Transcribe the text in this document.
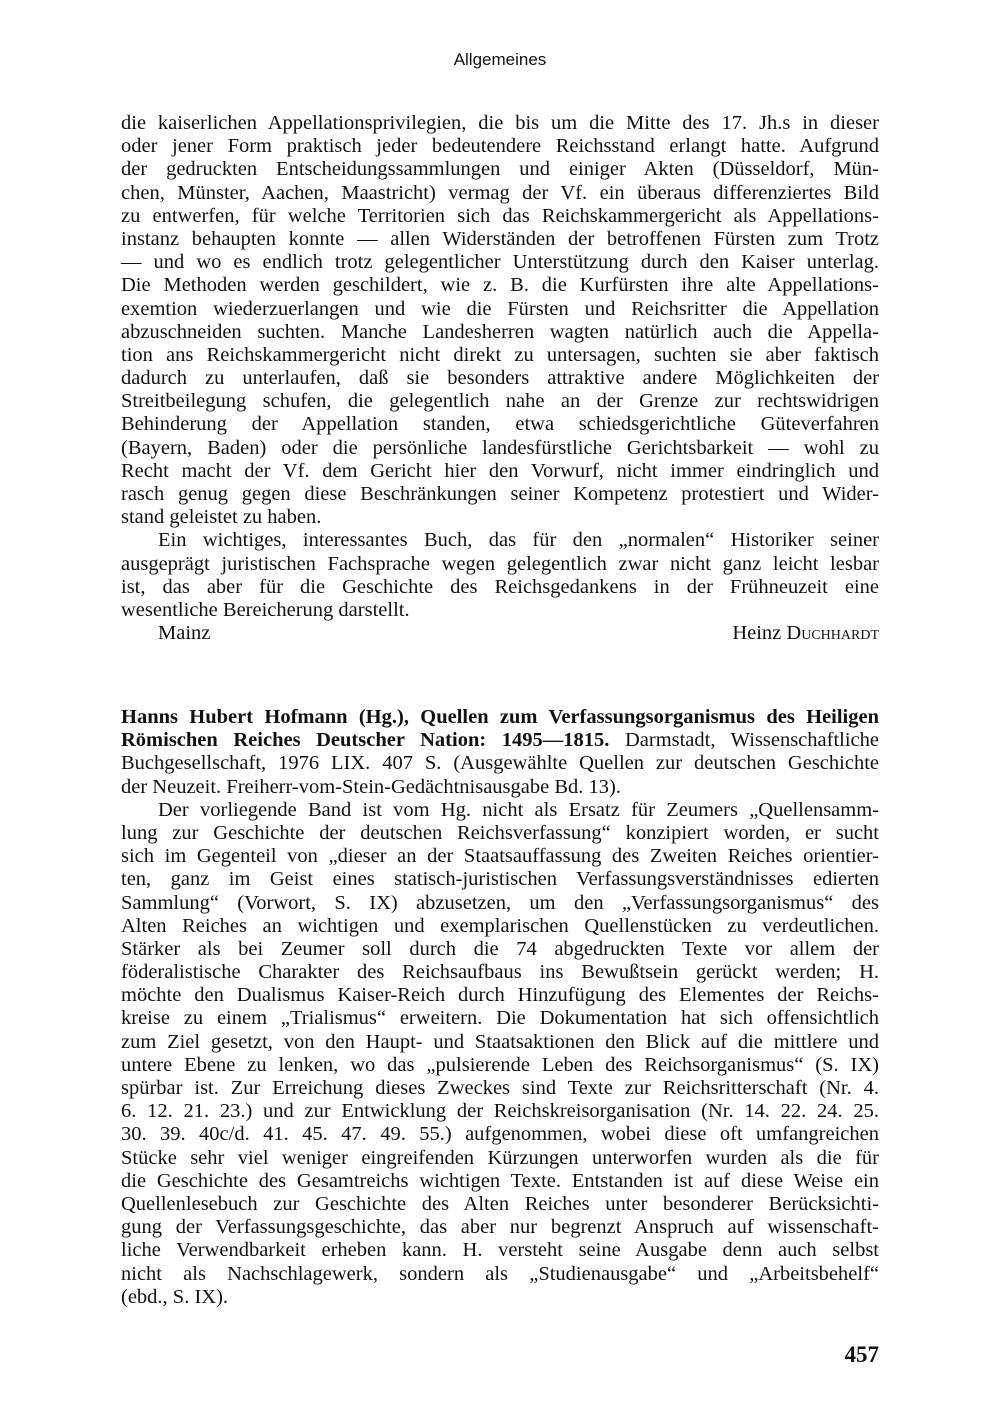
Allgemeines
die kaiserlichen Appellationsprivilegien, die bis um die Mitte des 17. Jh.s in dieser
oder jener Form praktisch jeder bedeutendere Reichsstand erlangt hatte. Aufgrund
der gedruckten Entscheidungssammlungen und einiger Akten (Düsseldorf, Mün-
chen, Münster, Aachen, Maastricht) vermag der Vf. ein überaus differenziertes Bild
zu entwerfen, für welche Territorien sich das Reichskammergericht als Appellations-
instanz behaupten konnte — allen Widerständen der betroffenen Fürsten zum Trotz
— und wo es endlich trotz gelegentlicher Unterstützung durch den Kaiser unterlag.
Die Methoden werden geschildert, wie z. B. die Kurfürsten ihre alte Appellations-
exemtion wiederzuerlangen und wie die Fürsten und Reichsritter die Appellation
abzuschneiden suchten. Manche Landesherren wagten natürlich auch die Appella-
tion ans Reichskammergericht nicht direkt zu untersagen, suchten sie aber faktisch
dadurch zu unterlaufen, daß sie besonders attraktive andere Möglichkeiten der
Streitbeilegung schufen, die gelegentlich nahe an der Grenze zur rechtswidrigen
Behinderung der Appellation standen, etwa schiedsgerichtliche Güteverfahren
(Bayern, Baden) oder die persönliche landesfürstliche Gerichtsbarkeit — wohl zu
Recht macht der Vf. dem Gericht hier den Vorwurf, nicht immer eindringlich und
rasch genug gegen diese Beschränkungen seiner Kompetenz protestiert und Wider-
stand geleistet zu haben.
Ein wichtiges, interessantes Buch, das für den „normalen“ Historiker seiner
ausgeprägt juristischen Fachsprache wegen gelegentlich zwar nicht ganz leicht lesbar
ist, das aber für die Geschichte des Reichsgedankens in der Frühneuzeit eine
wesentliche Bereicherung darstellt.
Mainz	Heinz Duchhardt
Hanns Hubert Hofmann (Hg.), Quellen zum Verfassungsorganismus des Heiligen
Römischen Reiches Deutscher Nation: 1495—1815. Darmstadt, Wissenschaftliche
Buchgesellschaft, 1976 LIX. 407 S. (Ausgewählte Quellen zur deutschen Geschichte
der Neuzeit. Freiherr-vom-Stein-Gedächtnisausgabe Bd. 13).
Der vorliegende Band ist vom Hg. nicht als Ersatz für Zeumers „Quellensamm-
lung zur Geschichte der deutschen Reichsverfassung“ konzipiert worden, er sucht
sich im Gegenteil von „dieser an der Staatsauffassung des Zweiten Reiches orientier-
ten, ganz im Geist eines statisch-juristischen Verfassungsverständnisses edierten
Sammlung“ (Vorwort, S. IX) abzusetzen, um den „Verfassungsorganismus“ des
Alten Reiches an wichtigen und exemplarischen Quellenstücken zu verdeutlichen.
Stärker als bei Zeumer soll durch die 74 abgedruckten Texte vor allem der
föderalistische Charakter des Reichsaufbaus ins Bewußtsein gerückt werden; H.
möchte den Dualismus Kaiser-Reich durch Hinzufügung des Elementes der Reichs-
kreise zu einem „Trialismus“ erweitern. Die Dokumentation hat sich offensichtlich
zum Ziel gesetzt, von den Haupt- und Staatsaktionen den Blick auf die mittlere und
untere Ebene zu lenken, wo das „pulsierende Leben des Reichsorganismus“ (S. IX)
spürbar ist. Zur Erreichung dieses Zweckes sind Texte zur Reichsritterschaft (Nr. 4.
6. 12. 21. 23.) und zur Entwicklung der Reichskreisorganisation (Nr. 14. 22. 24. 25.
30. 39. 40c/d. 41. 45. 47. 49. 55.) aufgenommen, wobei diese oft umfangreichen
Stücke sehr viel weniger eingreifenden Kürzungen unterworfen wurden als die für
die Geschichte des Gesamtreichs wichtigen Texte. Entstanden ist auf diese Weise ein
Quellenlesebuch zur Geschichte des Alten Reiches unter besonderer Berücksichti-
gung der Verfassungsgeschichte, das aber nur begrenzt Anspruch auf wissenschaft-
liche Verwendbarkeit erheben kann. H. versteht seine Ausgabe denn auch selbst
nicht als Nachschlagewerk, sondern als „Studienausgabe“ und „Arbeitsbehelf“
(ebd., S. IX).
457
